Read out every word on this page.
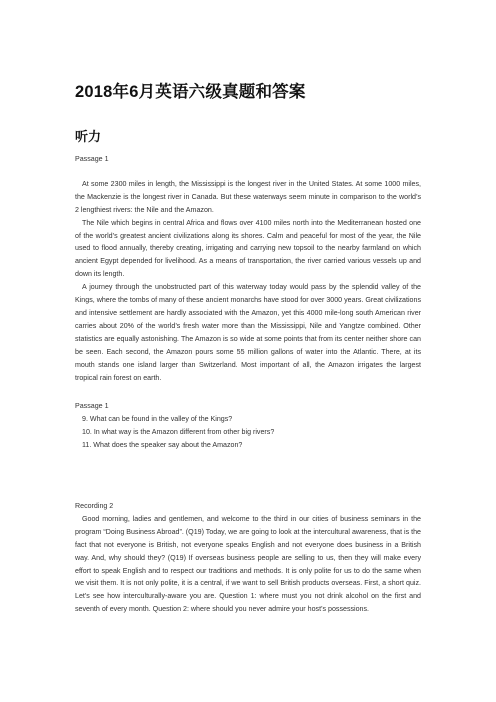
2018年6月英语六级真题和答案
听力

Passage 1

At some 2300 miles in length, the Mississippi is the longest river in the United States. At some 1000 miles, the Mackenzie is the longest river in Canada. But these waterways seem minute in comparison to the world’s 2 lengthiest rivers: the Nile and the Amazon.

The Nile which begins in central Africa and flows over 4100 miles north into the Mediterranean hosted one of the world’s greatest ancient civilizations along its shores. Calm and peaceful for most of the year, the Nile used to flood annually, thereby creating, irrigating and carrying new topsoil to the nearby farmland on which ancient Egypt depended for livelihood. As a means of transportation, the river carried various vessels up and down its length.

A journey through the unobstructed part of this waterway today would pass by the splendid valley of the Kings, where the tombs of many of these ancient monarchs have stood for over 3000 years. Great civilizations and intensive settlement are hardly associated with the Amazon, yet this 4000 mile-long south American river carries about 20% of the world’s fresh water more than the Mississippi, Nile and Yangtze combined. Other statistics are equally astonishing. The Amazon is so wide at some points that from its center neither shore can be seen. Each second, the Amazon pours some 55 million gallons of water into the Atlantic. There, at its mouth stands one island larger than Switzerland. Most important of all, the Amazon irrigates the largest tropical rain forest on earth.

Passage 1

9. What can be found in the valley of the Kings?

10. In what way is the Amazon different from other big rivers?

11. What does the speaker say about the Amazon?

Recording 2

Good morning, ladies and gentlemen, and welcome to the third in our cities of business seminars in the program “Doing Business Abroad”. (Q19) Today, we are going to look at the intercultural awareness, that is the fact that not everyone is British, not everyone speaks English and not everyone does business in a British way. And, why should they? (Q19) If overseas business people are selling to us, then they will make every effort to speak English and to respect our traditions and methods. It is only polite for us to do the same when we visit them. It is not only polite, it is a central, if we want to sell British products overseas. First, a short quiz. Let’s see how interculturally-aware you are. Question 1: where must you not drink alcohol on the first and seventh of every month. Question 2: where should you never admire your host’s possessions.
